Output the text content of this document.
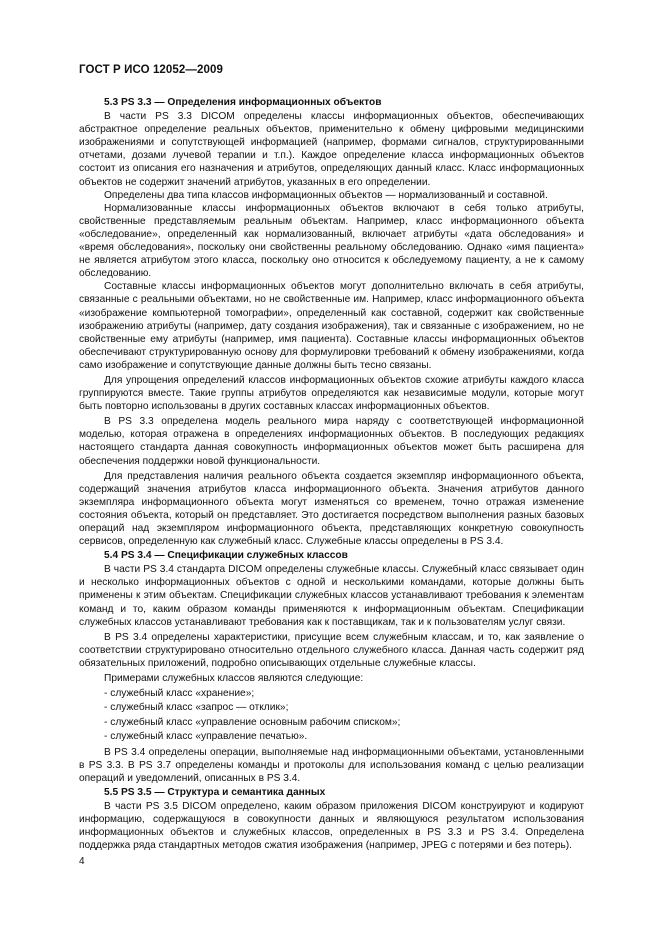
ГОСТ Р ИСО 12052—2009

5.3 PS 3.3 — Определения информационных объектов

В части PS 3.3 DICOM определены классы информационных объектов, обеспечивающих абстрактное определение реальных объектов, применительно к обмену цифровыми медицинскими изображениями и сопутствующей информацией (например, формами сигналов, структурированными отчетами, дозами лучевой терапии и т.п.). Каждое определение класса информационных объектов состоит из описания его назначения и атрибутов, определяющих данный класс. Класс информационных объектов не содержит значений атрибутов, указанных в его определении.

Определены два типа классов информационных объектов — нормализованный и составной.

Нормализованные классы информационных объектов включают в себя только атрибуты, свойственные представляемым реальным объектам. Например, класс информационного объекта «обследование», определенный как нормализованный, включает атрибуты «дата обследования» и «время обследования», поскольку они свойственны реальному обследованию. Однако «имя пациента» не является атрибутом этого класса, поскольку оно относится к обследуемому пациенту, а не к самому обследованию.

Составные классы информационных объектов могут дополнительно включать в себя атрибуты, связанные с реальными объектами, но не свойственные им. Например, класс информационного объекта «изображение компьютерной томографии», определенный как составной, содержит как свойственные изображению атрибуты (например, дату создания изображения), так и связанные с изображением, но не свойственные ему атрибуты (например, имя пациента). Составные классы информационных объектов обеспечивают структурированную основу для формулировки требований к обмену изображениями, когда само изображение и сопутствующие данные должны быть тесно связаны.

Для упрощения определений классов информационных объектов схожие атрибуты каждого класса группируются вместе. Такие группы атрибутов определяются как независимые модули, которые могут быть повторно использованы в других составных классах информационных объектов.

В PS 3.3 определена модель реального мира наряду с соответствующей информационной моделью, которая отражена в определениях информационных объектов. В последующих редакциях настоящего стандарта данная совокупность информационных объектов может быть расширена для обеспечения поддержки новой функциональности.

Для представления наличия реального объекта создается экземпляр информационного объекта, содержащий значения атрибутов класса информационного объекта. Значения атрибутов данного экземпляра информационного объекта могут изменяться со временем, точно отражая изменение состояния объекта, который он представляет. Это достигается посредством выполнения разных базовых операций над экземпляром информационного объекта, представляющих конкретную совокупность сервисов, определенную как служебный класс. Служебные классы определены в PS 3.4.

5.4 PS 3.4 — Спецификации служебных классов

В части PS 3.4 стандарта DICOM определены служебные классы. Служебный класс связывает один и несколько информационных объектов с одной и несколькими командами, которые должны быть применены к этим объектам. Спецификации служебных классов устанавливают требования к элементам команд и то, каким образом команды применяются к информационным объектам. Спецификации служебных классов устанавливают требования как к поставщикам, так и к пользователям услуг связи.

В PS 3.4 определены характеристики, присущие всем служебным классам, и то, как заявление о соответствии структурировано относительно отдельного служебного класса. Данная часть содержит ряд обязательных приложений, подробно описывающих отдельные служебные классы.

Примерами служебных классов являются следующие:

- служебный класс «хранение»;

- служебный класс «запрос — отклик»;

- служебный класс «управление основным рабочим списком»;

- служебный класс «управление печатью».

В PS 3.4 определены операции, выполняемые над информационными объектами, установленными в PS 3.3. В PS 3.7 определены команды и протоколы для использования команд с целью реализации операций и уведомлений, описанных в PS 3.4.

5.5 PS 3.5 — Структура и семантика данных

В части PS 3.5 DICOM определено, каким образом приложения DICOM конструируют и кодируют информацию, содержащуюся в совокупности данных и являющуюся результатом использования информационных объектов и служебных классов, определенных в PS 3.3 и PS 3.4. Определена поддержка ряда стандартных методов сжатия изображения (например, JPEG с потерями и без потерь).

4
